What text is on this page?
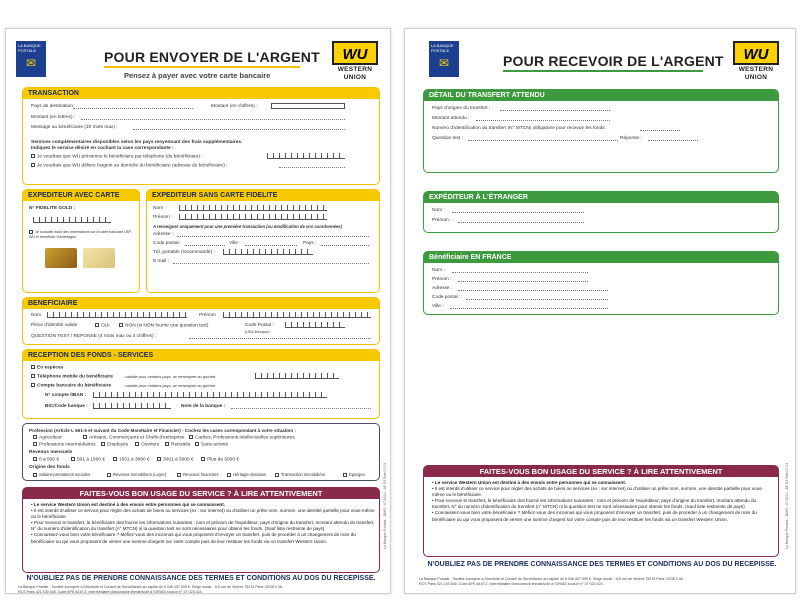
LA BANQUE
POSTALE
✉	POUR ENVOYER DE L'ARGENT
Pensez à payer avec votre carte bancaire
WU
WESTERN
UNION
TRANSACTION
Pays de destination :	Montant (en chiffres) :
Montant (en lettres) :
Message au bénéficiaire (10 mots max) :
Services complémentaires disponibles selon les pays moyennant des frais supplémentaires.
Indiquez le service désiré en cochant la case correspondante :
Je voudrais que WU prévienne le bénéficiaire par téléphone (du bénéficiaire) :
Je voudrais que WU délivre l'argent au domicile du bénéficiaire (adresse du bénéficiaire) :
EXPEDITEUR AVEC CARTE
N° FIDELITE GOLD :
Je souhaite avoir des informations sur la carte bancaire LBP-WU et bénéficier d'avantages.
EXPEDITEUR SANS CARTE FIDELITE
Nom :
Prénom :
A renseigner uniquement pour une première transaction (ou modification de vos coordonnées)
Adresse :
Code postal :	Ville :	Pays :
Tél. portable (recommandé) :
E mail :
BENEFICIAIRE
Nom	Prénom
Pièce d'identité valide	OUI	NON (si NON fournir une question test)	Code Postal :
(USA-Mexique)
QUESTION TEST / REPONSE (4 mots max ou 4 chiffres) :
RECEPTION DES FONDS - SERVICES
En espèces
Téléphone mobile du bénéficiaire	- valable pour certains pays, se renseigner au guichet
Compte bancaire du bénéficiaire	- valable pour certains pays, se renseigner au guichet
N° compte /IBAN :
BIC/Code banque :	Nom de la banque :
Profession (Article L 561-5 et suivant du Code Monétaire et Financier) - Cochez les cases correspondant à votre situation :
Agriculteur	Artisans, Commerçants et Chefs d'entreprise	Cadres, Professions intellectuelles supérieures
Professions intermédiaires	Employés	Ouvriers	Retraités	Sans activité
Revenus mensuels
0 à 500 €	501 à 1500 €	1501 à 3000 €	3001 à 5000 €	Plus de 5000 €
Origine des fonds
Salaire-prestations sociales	Revenus immobiliers (Loyer)	Revenus financiers	Héritage-donation	Transaction immobilière	Epargne
FAITES-VOUS BON USAGE DU SERVICE ? À LIRE ATTENTIVEMENT
• Le service Western Union est destiné à des envois entre personnes qui se connaissent.
• Il est interdit d'utiliser ce service pour régler des achats de biens ou services (ex : sur internet) ou d'utiliser un prête nom, surnom, une identité partielle pour vous-même ou le bénéficiaire.
• Pour recevoir le transfert, le bénéficiaire doit fournir les informations suivantes : nom et prénom de l'expéditeur, pays d'origine du transfert, montant attendu du transfert, N° du numéro d'identification du transfert (n° MTCN) ni la question test ne sont nécessaires pour obtenir les fonds. (Sauf liste restreinte de pays)
• Connaissez-vous bien votre bénéficiaire ? Méfiez-vous des inconnus qui vous proposent d'envoyer un transfert, puis de procéder à un changement de nom du bénéficiaire ou qui vous proposent de verser une somme d'argent sur votre compte puis de leur restituer les fonds via un transfert Western Union.
N'OUBLIEZ PAS DE PRENDRE CONNAISSANCE DES TERMES ET CONDITIONS AU DOS DU RECEPISSE.
La Banque Postale - Société Anonyme à Directoire et Conseil de Surveillance au capital de 6 046 407 595 €. Siège social : 115 rue de Sèvres 75275 Paris CEDEX 06.
RCS Paris 421 100 645. Code APE 6419 Z. Intermédiaire d'assurance immatriculé à l'ORIAS sous le n° 07 023 424.
La Banque Postale - DMG - 07/2014 - AF DT Bds 07/14
LA BANQUE
POSTALE
✉	POUR RECEVOIR DE L'ARGENT	WU
WESTERN
UNION
DÉTAIL DU TRANSFERT ATTENDU
Pays d'origine du transfert :
Montant attendu :
Numéro d'identification du transfert (N° MTCN) obligatoire pour recevoir les fonds :
Question test :	Réponse :
EXPÉDITEUR À L'ÉTRANGER
Nom :
Prénom :
Bénéficiaire EN FRANCE
Nom :
Prénom :
Adresse :
Code postal :
Ville :
FAITES-VOUS BON USAGE DU SERVICE ? À LIRE ATTENTIVEMENT
• Le service Western Union est destiné à des envois entre personnes qui se connaissent.
• Il est interdit d'utiliser ce service pour régler des achats de biens ou services (ex : sur internet) ou d'utiliser un prête nom, surnom, une identité partielle pour vous-même ou le bénéficiaire.
• Pour recevoir le transfert, le bénéficiaire doit fournir les informations suivantes : nom et prénom de l'expéditeur, pays d'origine du transfert, montant attendu du transfert, N° du numéro d'identification du transfert (n° MTCN) ni la question test ne sont nécessaires pour obtenir les fonds. (Sauf liste restreinte de pays)
• Connaissez-vous bien votre bénéficiaire ? Méfiez-vous des inconnus qui vous proposent d'envoyer un transfert, puis de procéder à un changement de nom du bénéficiaire ou qui vous proposent de verser une somme d'argent sur votre compte puis de leur restituer les fonds via un transfert Western Union.
N'OUBLIEZ PAS DE PRENDRE CONNAISSANCE DES TERMES ET CONDITIONS AU DOS DU RECEPISSE.
La Banque Postale - Société Anonyme à Directoire et Conseil de Surveillance au capital de 6 046 407 595 €. Siège social : 115 rue de Sèvres 75275 Paris CEDEX 06.
RCS Paris 421 100 645. Code APE 6419 Z. Intermédiaire d'assurance immatriculé à l'ORIAS sous le n° 07 023 424.
La Banque Postale - DMG - 07/2014 - AF DT Bds 07/14
